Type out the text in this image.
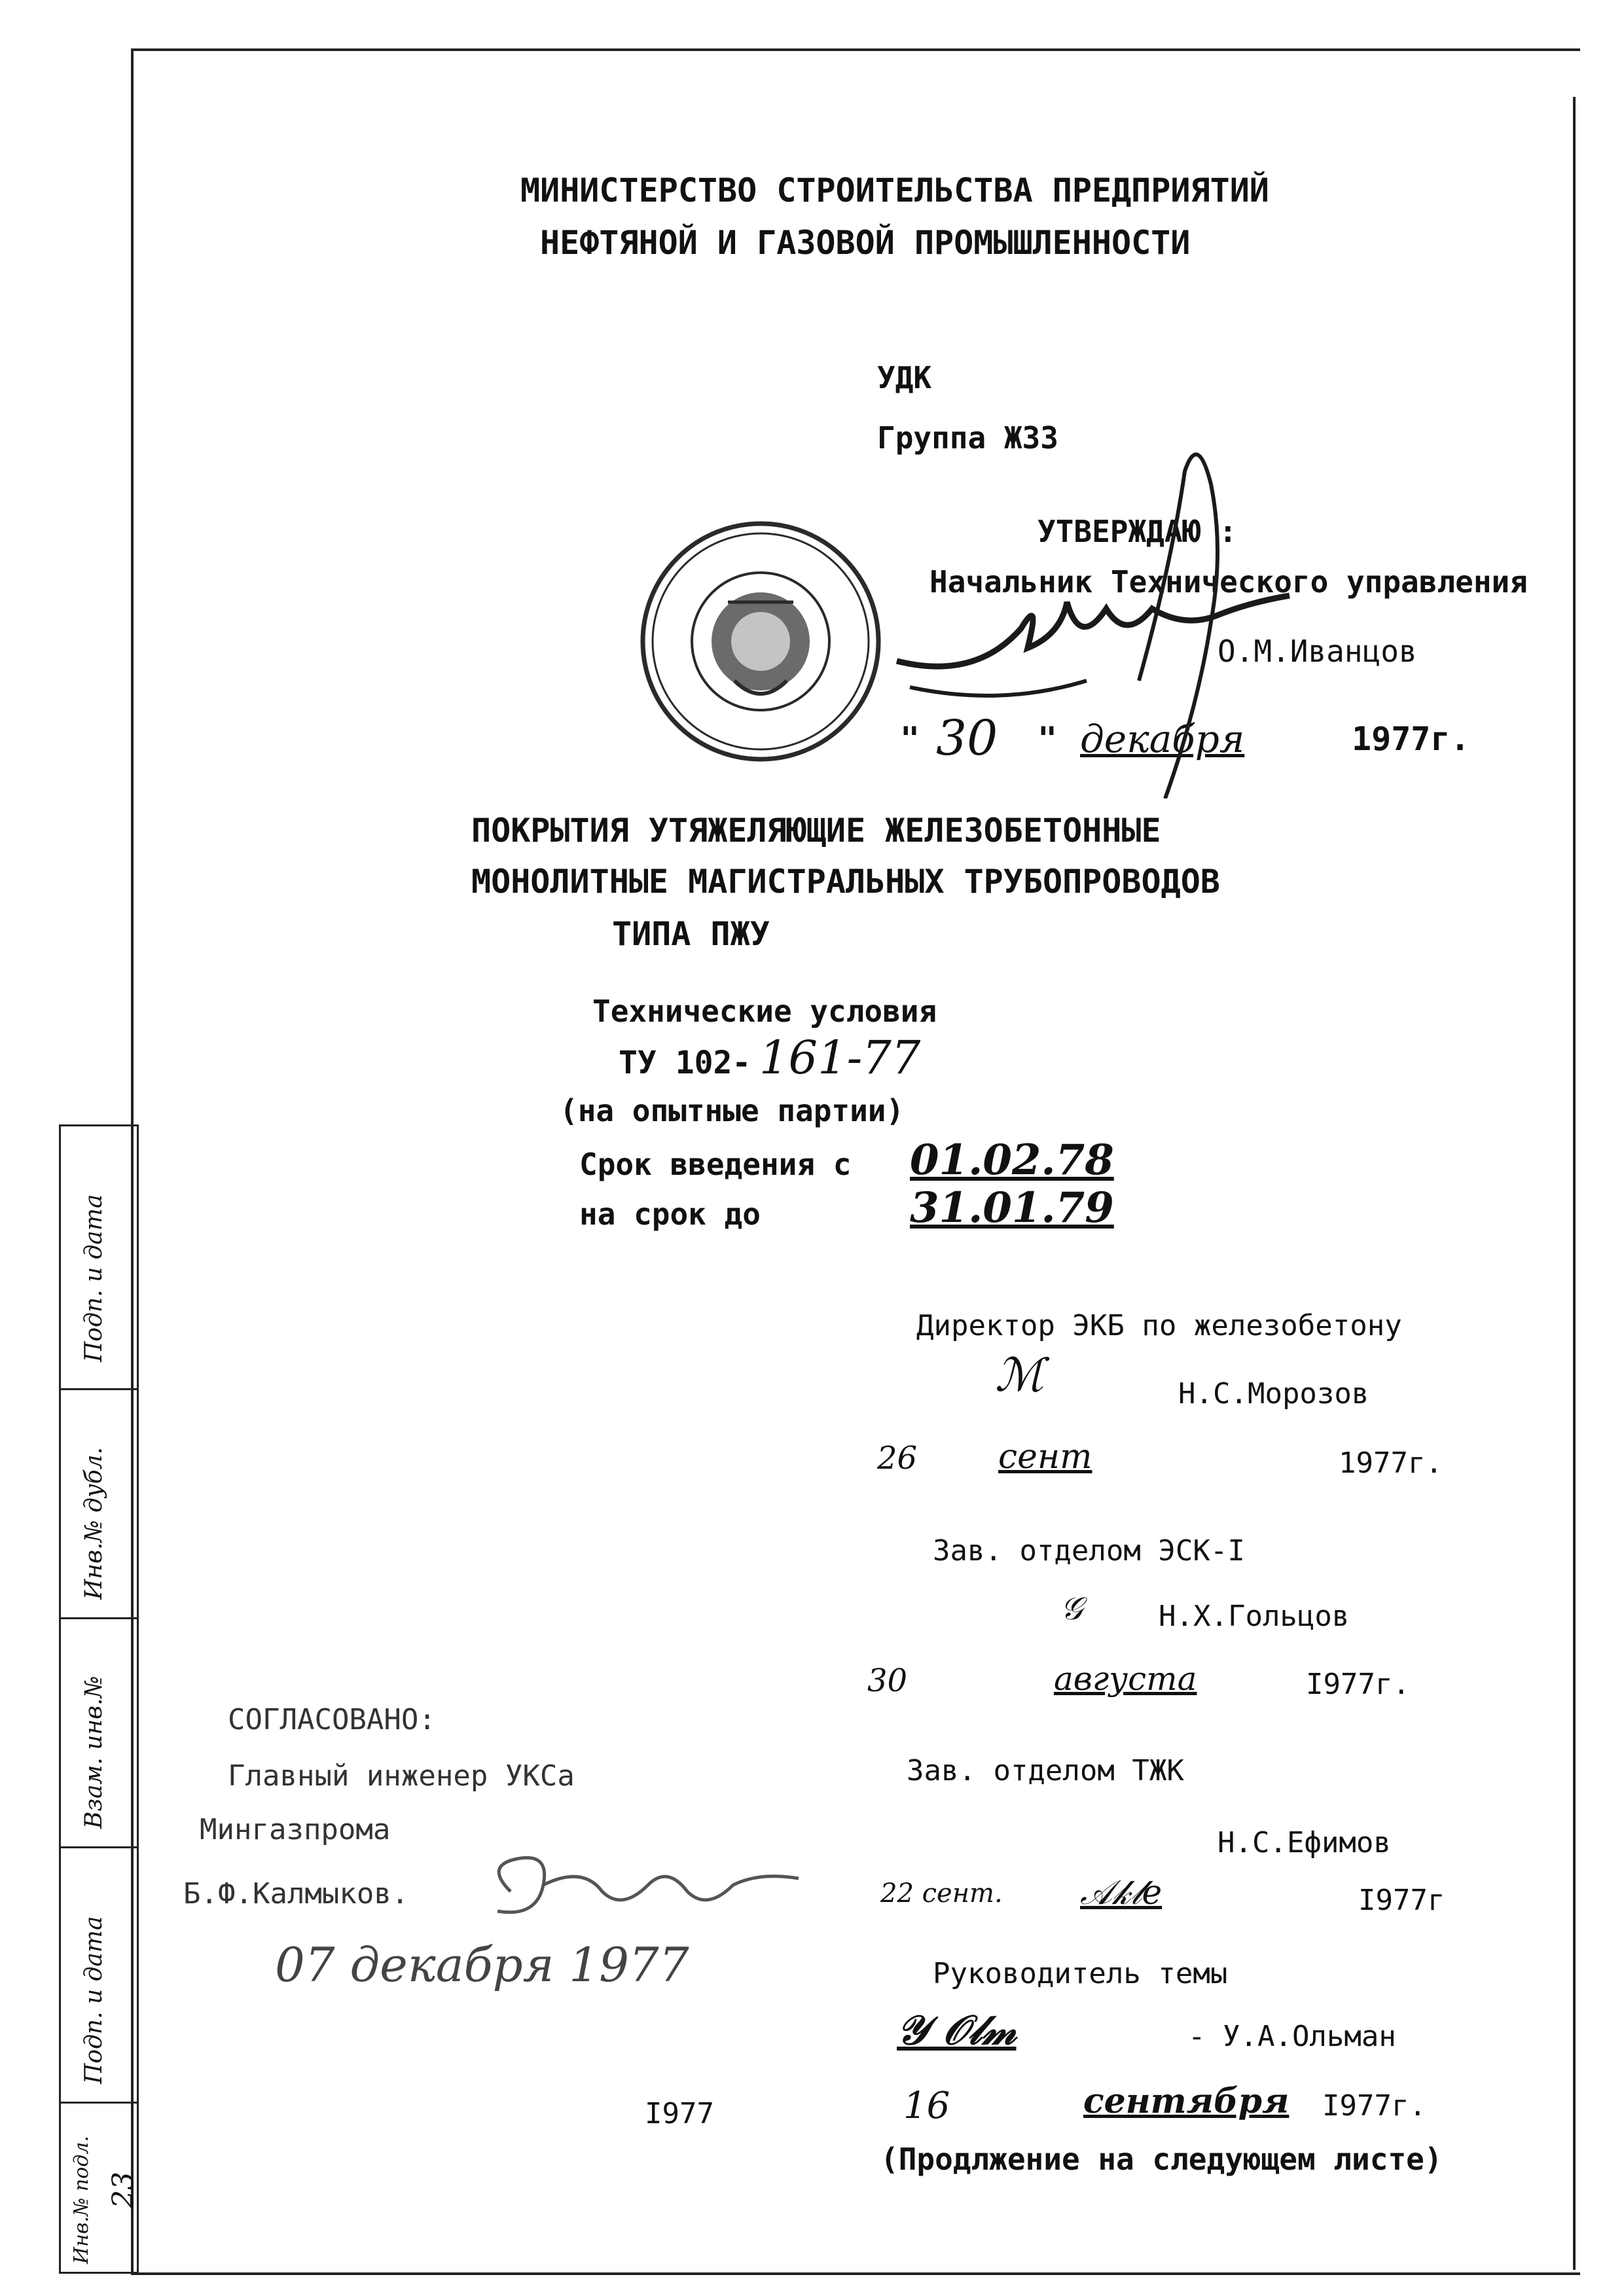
Подп. и дата
Инв.№ дубл.
Взам. инв.№
Подп. и дата
Инв.№ подл. 23
МИНИСТЕРСТВО СТРОИТЕЛЬСТВА ПРЕДПРИЯТИЙ
НЕФТЯНОЙ И ГАЗОВОЙ ПРОМЫШЛЕННОСТИ
УДК
Группа Ж33
УТВЕРЖДАЮ :
Начальник Технического управления
О.М.Иванцов
" 30 " декабря	1977г.
ПОКРЫТИЯ УТЯЖЕЛЯЮЩИЕ ЖЕЛЕЗОБЕТОННЫЕ
МОНОЛИТНЫЕ МАГИСТРАЛЬНЫХ ТРУБОПРОВОДОВ
ТИПА ПЖУ
Технические условия
ТУ 102- 161-77
(на опытные партии)
Срок введения с 01.02.78
на срок до	31.01.79
Директор ЭКБ по железобетону
ℳ	Н.С.Морозов
26 сент	1977г.
Зав. отделом ЭСК-I
𝒢	Н.Х.Гольцов
30	августа	I977г.
Зав. отделом ТЖК
Н.С.Ефимов
22 сент. 𝒜𝓀𝓁𝑒	I977г
Руководитель темы
𝒴 𝒪𝓁𝓂	- У.А.Ольман
16	сентября I977г.
СОГЛАСОВАНО:
Главный инженер УКСа
Мингазпрома
Б.Ф.Калмыков.
07 декабря 1977
I977
(Продлжение на следующем листе)
